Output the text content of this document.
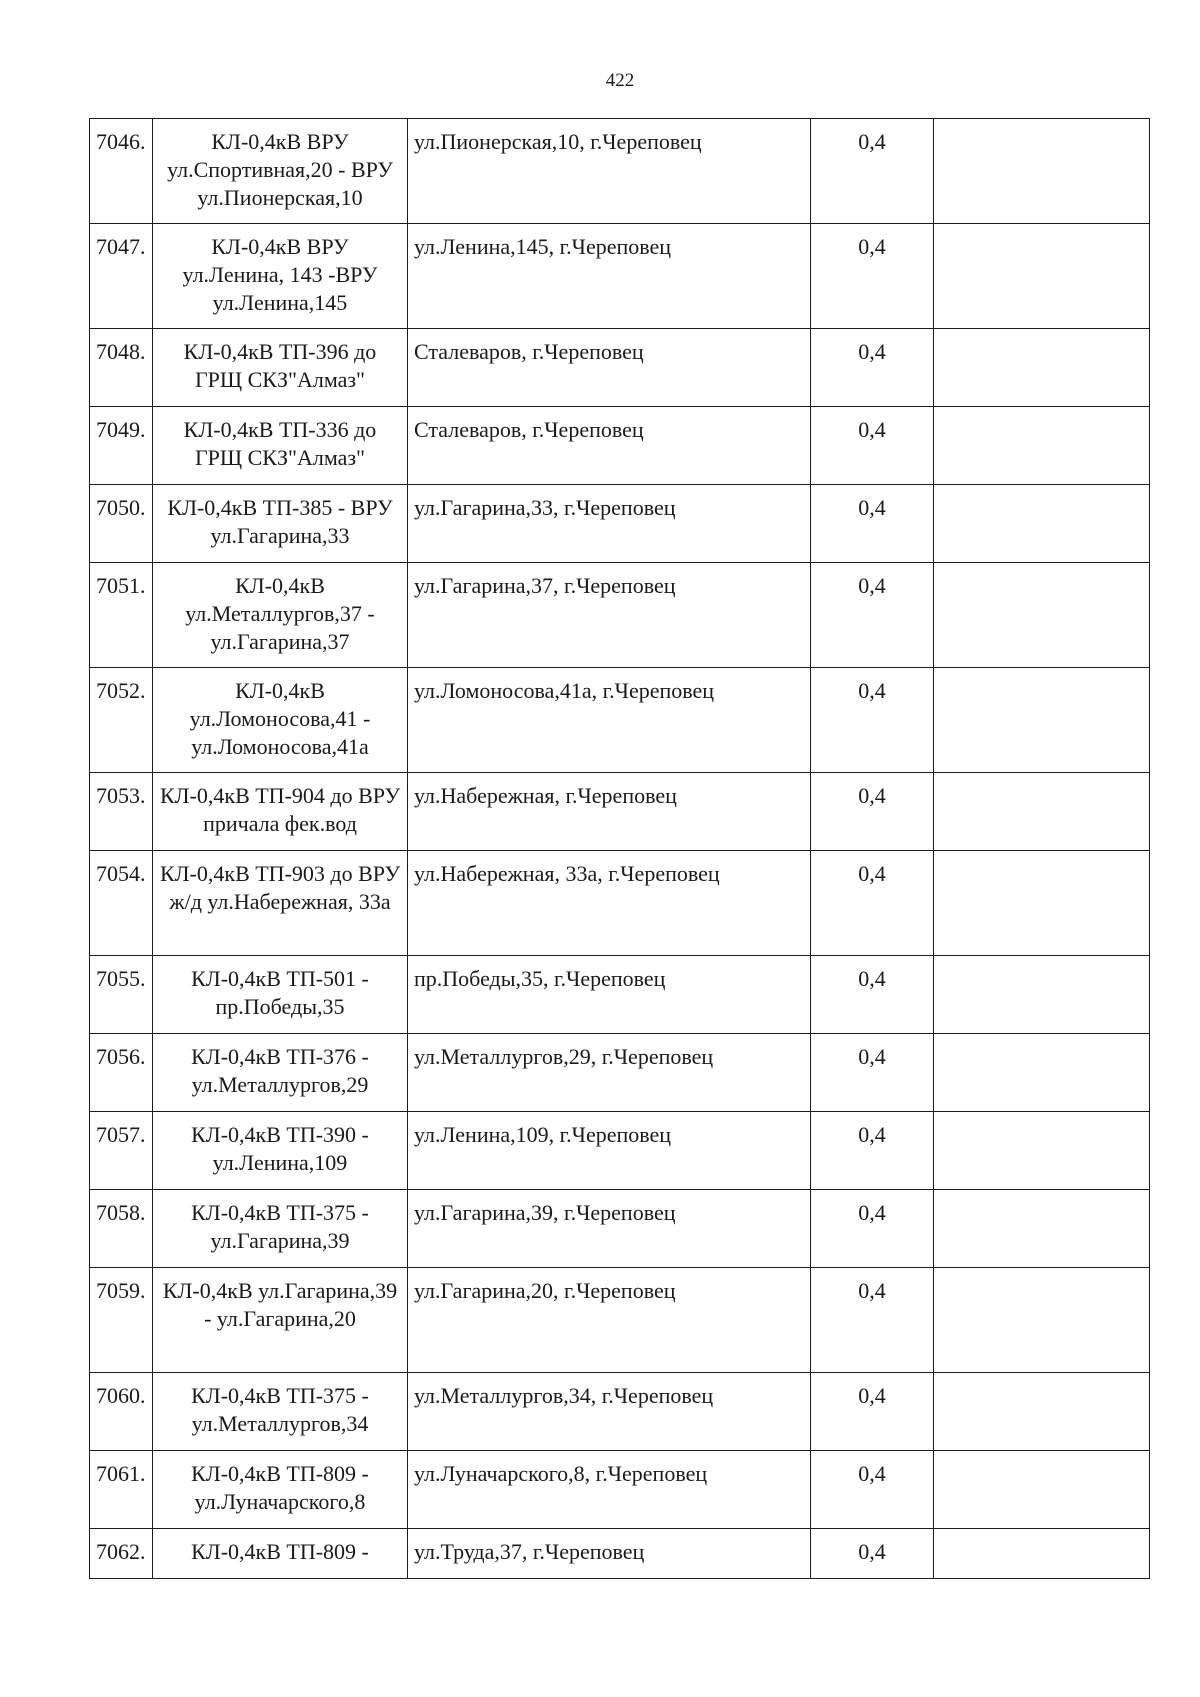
422
7046.	КЛ-0,4кВ ВРУ ул.Спортивная,20 - ВРУ ул.Пионерская,10	ул.Пионерская,10, г.Череповец	0,4	
7047.	КЛ-0,4кВ ВРУ ул.Ленина, 143 -ВРУ ул.Ленина,145	ул.Ленина,145, г.Череповец	0,4	
7048.	КЛ-0,4кВ ТП-396 до ГРЩ СКЗ"Алмаз"	Сталеваров, г.Череповец	0,4	
7049.	КЛ-0,4кВ ТП-336 до ГРЩ СКЗ"Алмаз"	Сталеваров, г.Череповец	0,4	
7050.	КЛ-0,4кВ ТП-385 - ВРУ ул.Гагарина,33	ул.Гагарина,33, г.Череповец	0,4	
7051.	КЛ-0,4кВ ул.Металлургов,37 - ул.Гагарина,37	ул.Гагарина,37, г.Череповец	0,4	
7052.	КЛ-0,4кВ ул.Ломоносова,41 - ул.Ломоносова,41а	ул.Ломоносова,41а, г.Череповец	0,4	
7053.	КЛ-0,4кВ ТП-904 до ВРУ причала фек.вод	ул.Набережная, г.Череповец	0,4	
7054.	КЛ-0,4кВ ТП-903 до ВРУ ж/д ул.Набережная, 33а	ул.Набережная, 33а, г.Череповец	0,4	
7055.	КЛ-0,4кВ ТП-501 - пр.Победы,35	пр.Победы,35, г.Череповец	0,4	
7056.	КЛ-0,4кВ ТП-376 - ул.Металлургов,29	ул.Металлургов,29, г.Череповец	0,4	
7057.	КЛ-0,4кВ ТП-390 - ул.Ленина,109	ул.Ленина,109, г.Череповец	0,4	
7058.	КЛ-0,4кВ ТП-375 - ул.Гагарина,39	ул.Гагарина,39, г.Череповец	0,4	
7059.	КЛ-0,4кВ ул.Гагарина,39 - ул.Гагарина,20	ул.Гагарина,20, г.Череповец	0,4	
7060.	КЛ-0,4кВ ТП-375 - ул.Металлургов,34	ул.Металлургов,34, г.Череповец	0,4	
7061.	КЛ-0,4кВ ТП-809 - ул.Луначарского,8	ул.Луначарского,8, г.Череповец	0,4	
7062.	КЛ-0,4кВ ТП-809 -	ул.Труда,37, г.Череповец	0,4	
